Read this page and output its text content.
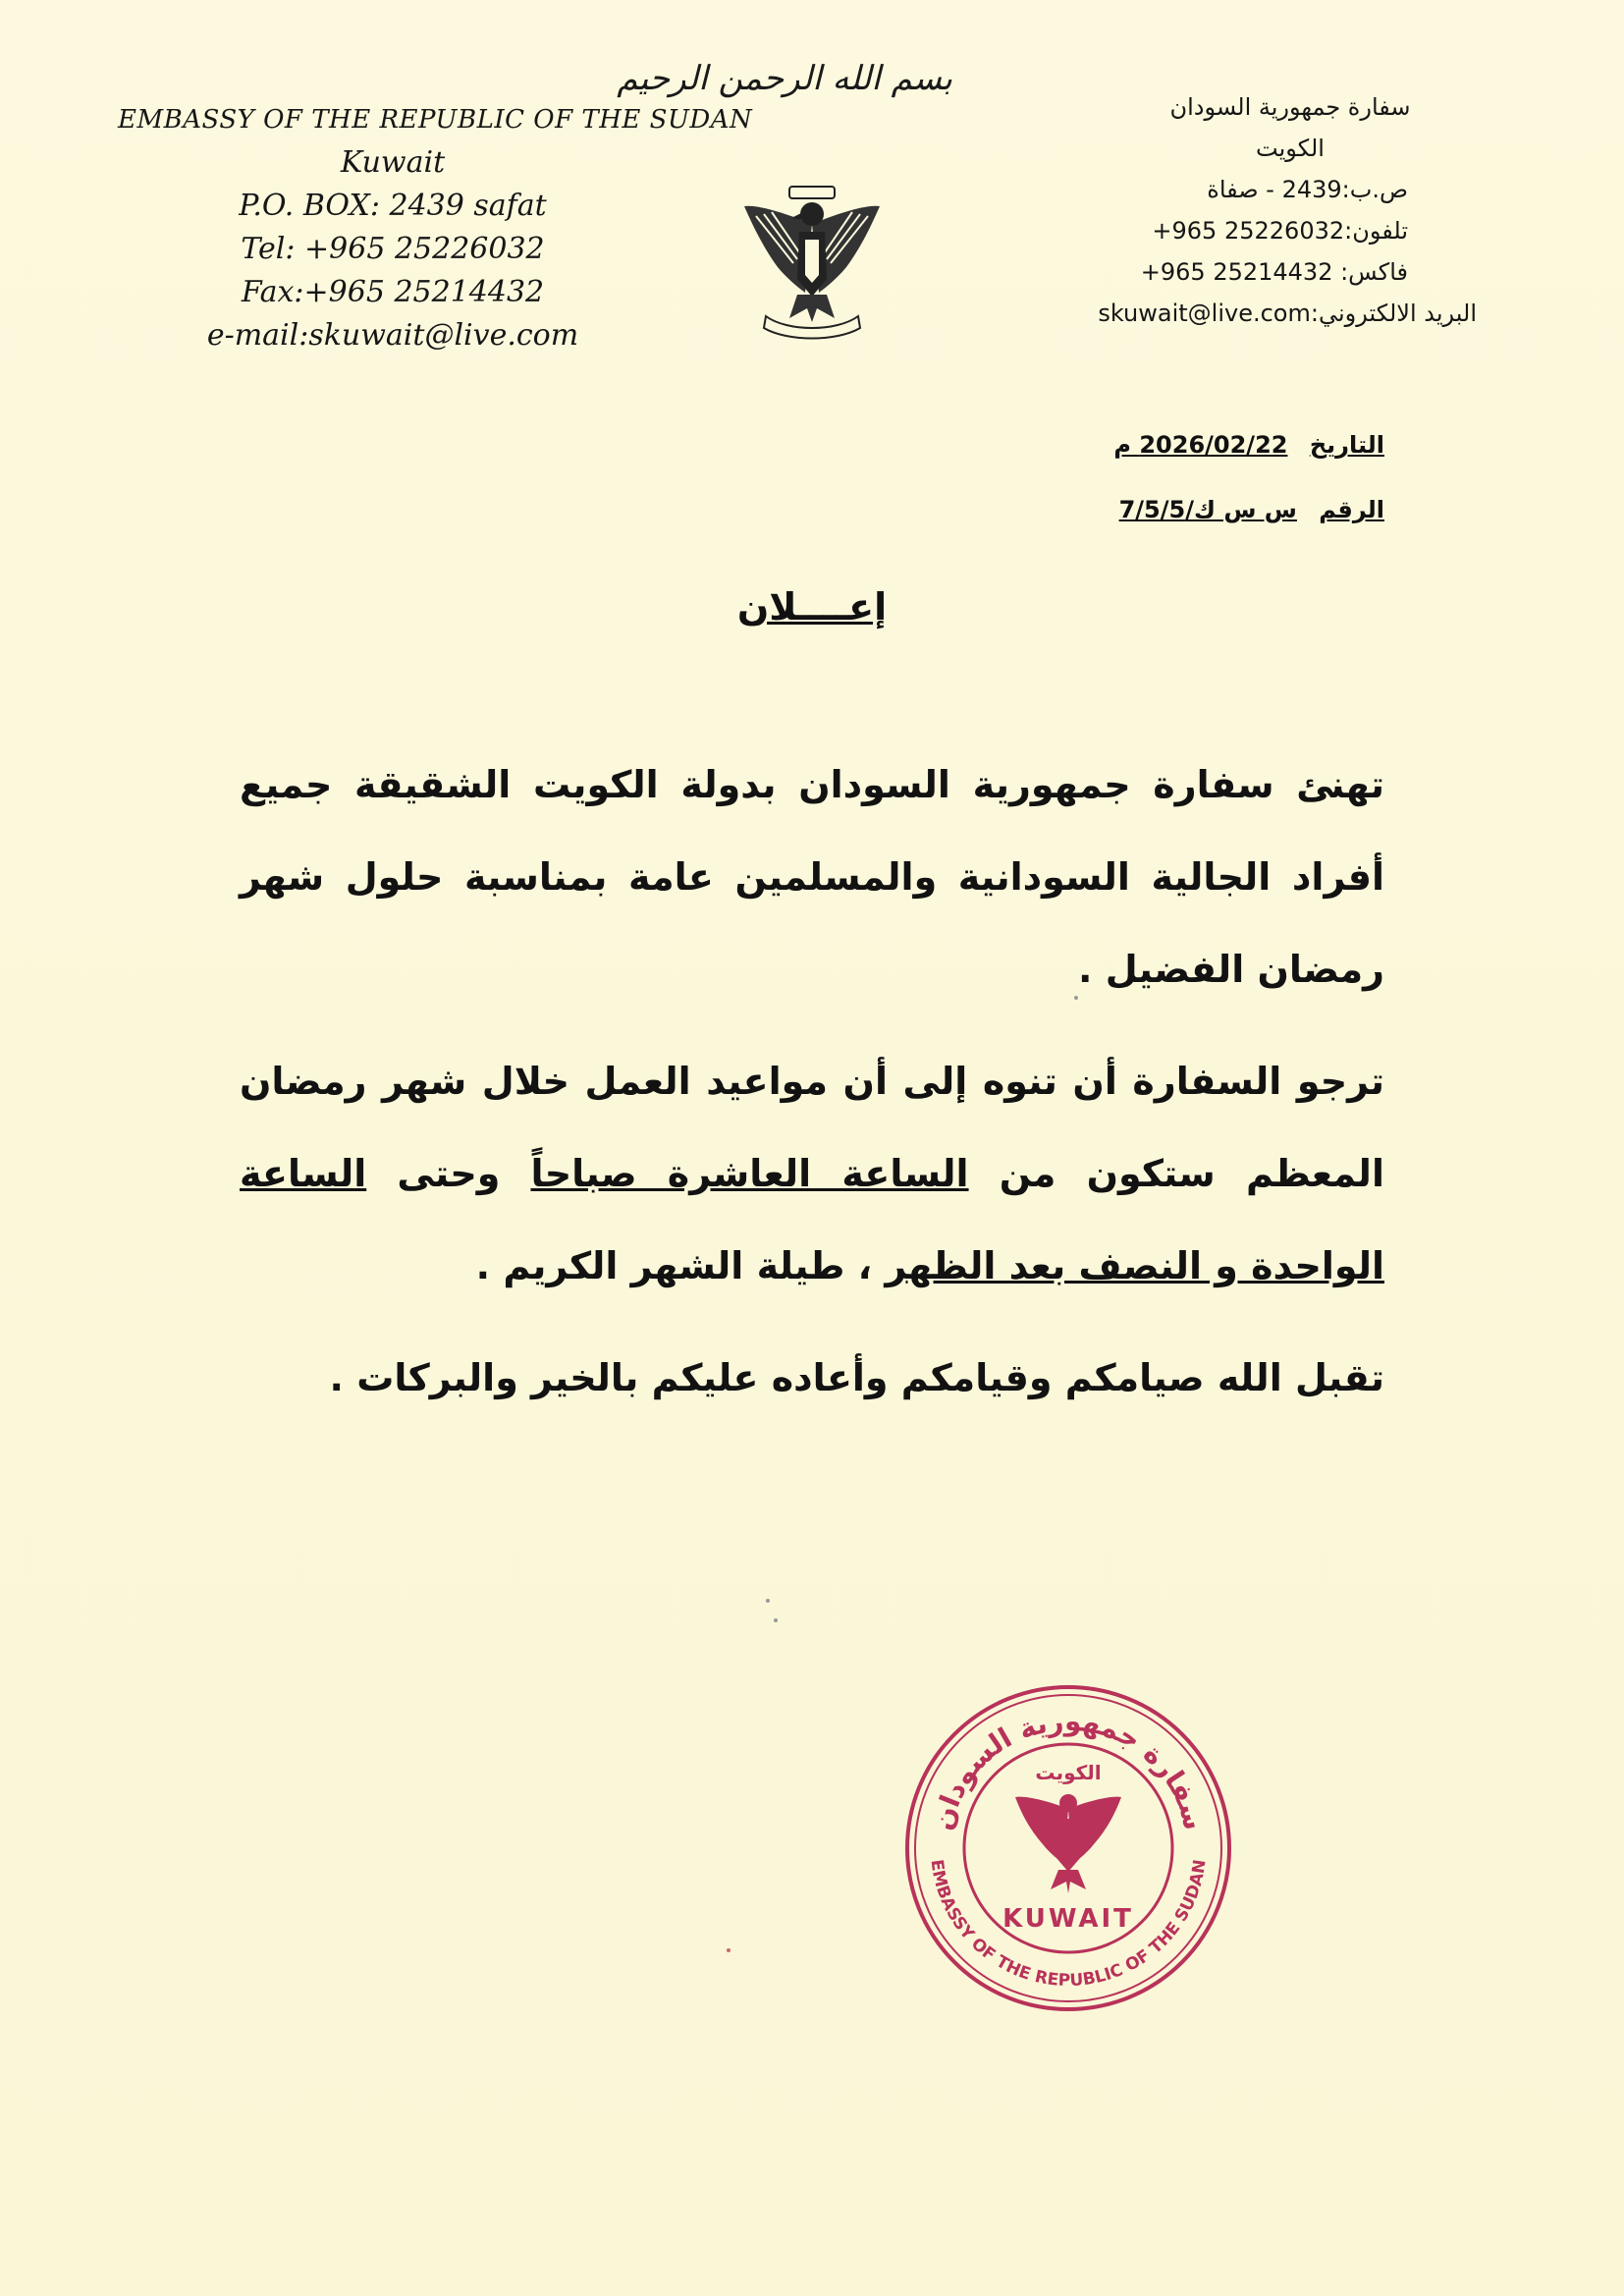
EMBASSY OF THE REPUBLIC OF THE SUDAN
Kuwait
P.O. BOX: 2439 safat
Tel: +965 25226032
Fax:+965 25214432
e-mail:skuwait@live.com
بسم الله الرحمن الرحيم
سفارة جمهورية السودان
الكويت
ص.ب:2439 - صفاة
تلفون:25226032 965+
فاكس: 25214432 965+
البريد الالكتروني:skuwait@live.com
التاريخ 2026/02/22 م
الرقم س س ك/7/5/5
إعــــلان

تهنئ سفارة جمهورية السودان بدولة الكويت الشقيقة جميع أفراد الجالية السودانية والمسلمين عامة بمناسبة حلول شهر رمضان الفضيل .

ترجو السفارة أن تنوه إلى أن مواعيد العمل خلال شهر رمضان المعظم ستكون من الساعة العاشرة صباحاً وحتى الساعة الواحدة و النصف بعد الظهر ، طيلة الشهر الكريم .

تقبل الله صيامكم وقيامكم وأعاده عليكم بالخير والبركات .

سفارة جمهورية السودان
EMBASSY OF THE REPUBLIC OF THE SUDAN
الكويت
KUWAIT
